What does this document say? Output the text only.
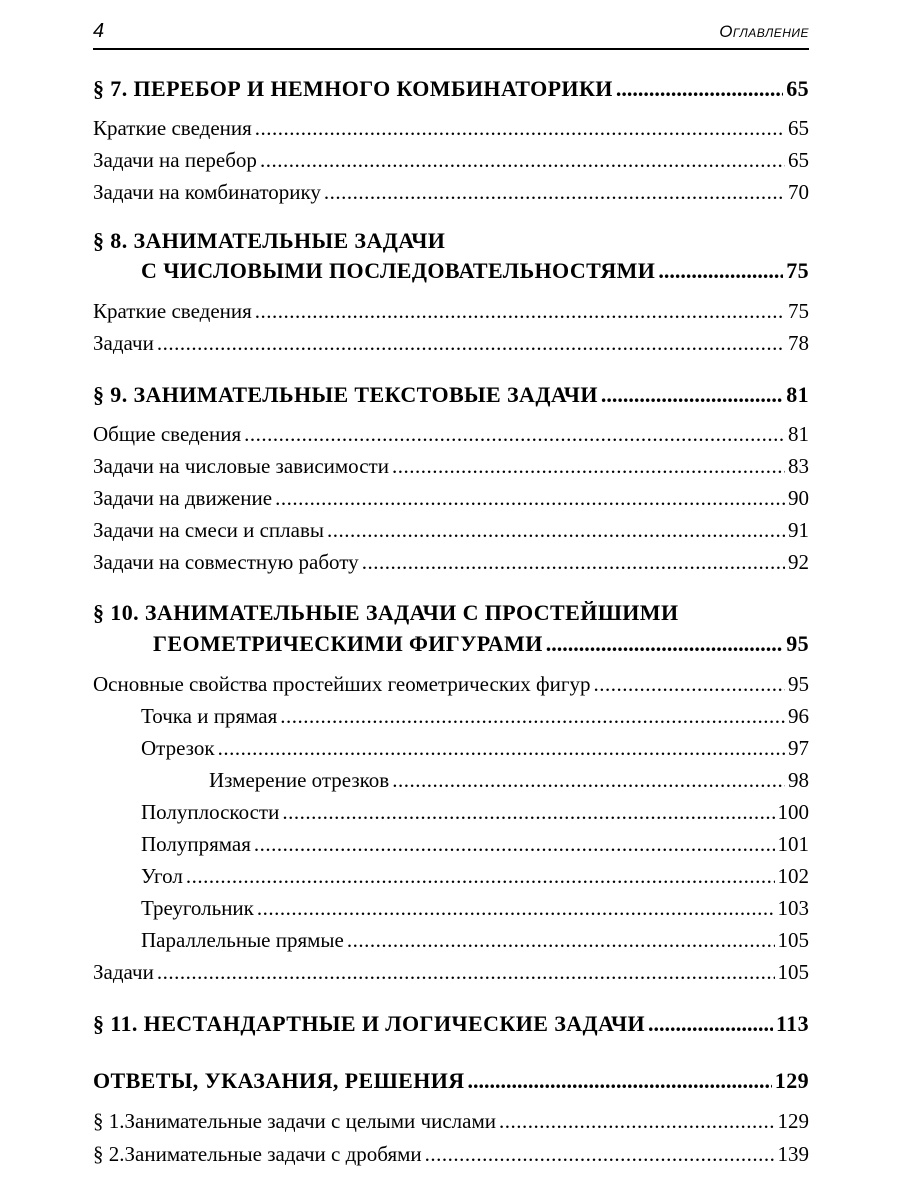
4	Оглавление
§ 7. ПЕРЕБОР И НЕМНОГО КОМБИНАТОРИКИ .....	65
Краткие сведения .....	65
Задачи на перебор .....	65
Задачи на комбинаторику .....	70
§ 8. ЗАНИМАТЕЛЬНЫЕ ЗАДАЧИ
С ЧИСЛОВЫМИ ПОСЛЕДОВАТЕЛЬНОСТЯМИ .....	75
Краткие сведения .....	75
Задачи .....	78
§ 9. ЗАНИМАТЕЛЬНЫЕ ТЕКСТОВЫЕ ЗАДАЧИ .....	81
Общие сведения .....	81
Задачи на числовые зависимости .....	83
Задачи на движение .....	90
Задачи на смеси и сплавы .....	91
Задачи на совместную работу .....	92
§ 10. ЗАНИМАТЕЛЬНЫЕ ЗАДАЧИ С ПРОСТЕЙШИМИ
ГЕОМЕТРИЧЕСКИМИ ФИГУРАМИ .....	95
Основные свойства простейших геометрических фигур .....	95
Точка и прямая .....	96
Отрезок .....	97
Измерение отрезков .....	98
Полуплоскости .....	100
Полупрямая .....	101
Угол .....	102
Треугольник .....	103
Параллельные прямые .....	105
Задачи .....	105
§ 11. НЕСТАНДАРТНЫЕ И ЛОГИЧЕСКИЕ ЗАДАЧИ .....	113
ОТВЕТЫ, УКАЗАНИЯ, РЕШЕНИЯ .....	129
§ 1. Занимательные задачи с целыми числами .....	129
§ 2. Занимательные задачи с дробями .....	139
